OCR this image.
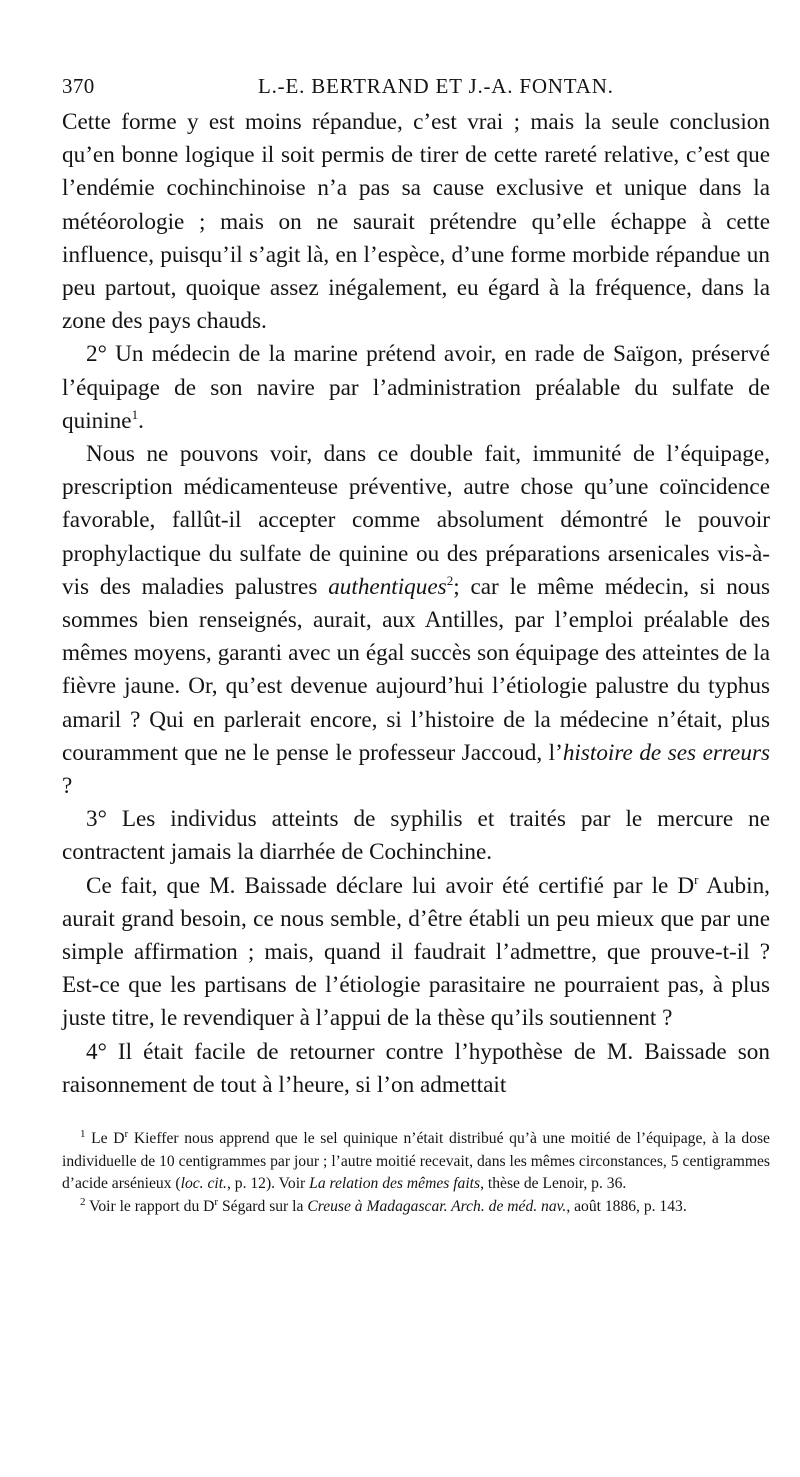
370	L.-E. BERTRAND ET J.-A. FONTAN.

Cette forme y est moins répandue, c’est vrai ; mais la seule conclusion qu’en bonne logique il soit permis de tirer de cette rareté relative, c’est que l’endémie cochinchinoise n’a pas sa cause exclusive et unique dans la météorologie ; mais on ne saurait prétendre qu’elle échappe à cette influence, puisqu’il s’agit là, en l’espèce, d’une forme morbide répandue un peu partout, quoique assez inégalement, eu égard à la fréquence, dans la zone des pays chauds.

2° Un médecin de la marine prétend avoir, en rade de Saïgon, préservé l’équipage de son navire par l’administration préalable du sulfate de quinine$^1$.

Nous ne pouvons voir, dans ce double fait, immunité de l’équipage, prescription médicamenteuse préventive, autre chose qu’une coïncidence favorable, fallût-il accepter comme absolument démontré le pouvoir prophylactique du sulfate de quinine ou des préparations arsenicales vis-à-vis des maladies palustres authentiques$^2$; car le même médecin, si nous sommes bien renseignés, aurait, aux Antilles, par l’emploi préalable des mêmes moyens, garanti avec un égal succès son équipage des atteintes de la fièvre jaune. Or, qu’est devenue aujourd’hui l’étiologie palustre du typhus amaril ? Qui en parlerait encore, si l’histoire de la médecine n’était, plus couramment que ne le pense le professeur Jaccoud, l’histoire de ses erreurs ?

3° Les individus atteints de syphilis et traités par le mercure ne contractent jamais la diarrhée de Cochinchine.

Ce fait, que M. Baissade déclare lui avoir été certifié par le $D^r$ Aubin, aurait grand besoin, ce nous semble, d’être établi un peu mieux que par une simple affirmation ; mais, quand il faudrait l’admettre, que prouve-t-il ? Est-ce que les partisans de l’étiologie parasitaire ne pourraient pas, à plus juste titre, le revendiquer à l’appui de la thèse qu’ils soutiennent ?

4° Il était facile de retourner contre l’hypothèse de M. Baissade son raisonnement de tout à l’heure, si l’on admettait

$^1$ Le $D^r$ Kieffer nous apprend que le sel quinique n’était distribué qu’à une moitié de l’équipage, à la dose individuelle de 10 centigrammes par jour ; l’autre moitié recevait, dans les mêmes circonstances, 5 centigrammes d’acide arsénieux (loc. cit., p. 12). Voir La relation des mêmes faits, thèse de Lenoir, p. 36.

$^2$ Voir le rapport du $D^r$ Ségard sur la Creuse à Madagascar. Arch. de méd. nav., août 1886, p. 143.
